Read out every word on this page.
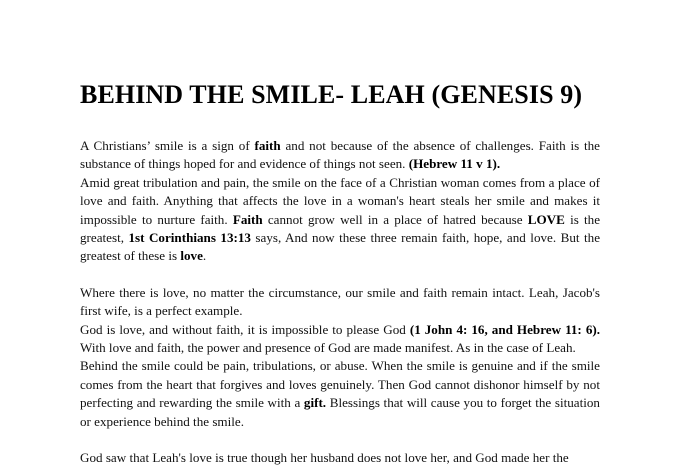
BEHIND THE SMILE- LEAH (GENESIS 9)

A Christians’ smile is a sign of faith and not because of the absence of challenges. Faith is the substance of things hoped for and evidence of things not seen. (Hebrew 11 v 1).

Amid great tribulation and pain, the smile on the face of a Christian woman comes from a place of love and faith. Anything that affects the love in a woman's heart steals her smile and makes it impossible to nurture faith. Faith cannot grow well in a place of hatred because LOVE is the greatest, 1st Corinthians 13:13 says, And now these three remain faith, hope, and love. But the greatest of these is love.

Where there is love, no matter the circumstance, our smile and faith remain intact. Leah, Jacob's first wife, is a perfect example.

God is love, and without faith, it is impossible to please God (1 John 4: 16, and Hebrew 11: 6). With love and faith, the power and presence of God are made manifest. As in the case of Leah.

Behind the smile could be pain, tribulations, or abuse. When the smile is genuine and if the smile comes from the heart that forgives and loves genuinely. Then God cannot dishonor himself by not perfecting and rewarding the smile with a gift. Blessings that will cause you to forget the situation or experience behind the smile.

God saw that Leah's love is true though her husband does not love her, and God made her the
